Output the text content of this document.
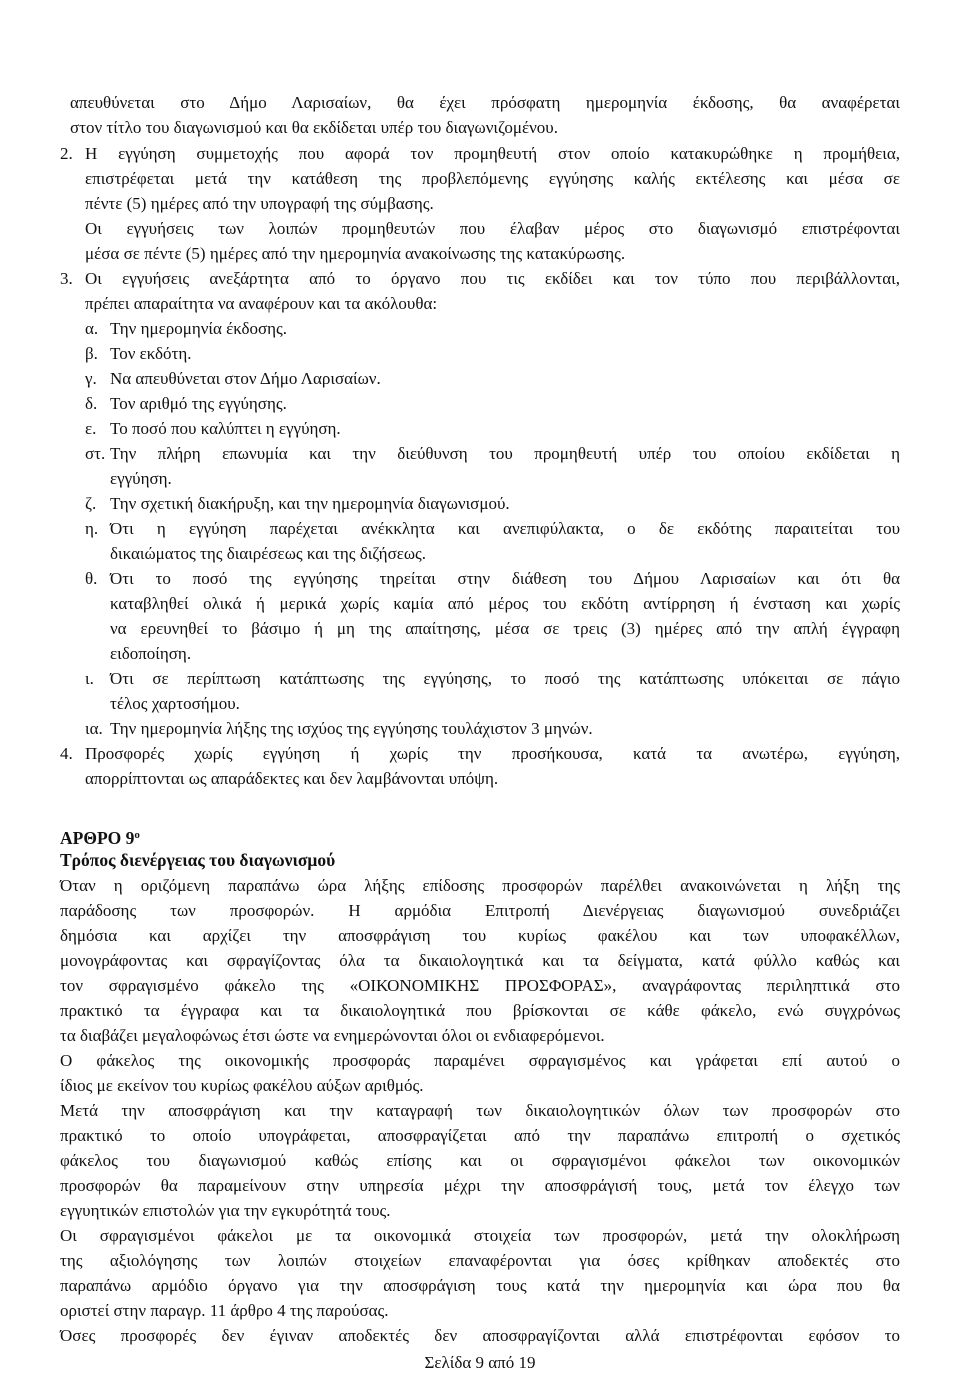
απευθύνεται στο Δήμο Λαρισαίων, θα έχει πρόσφατη ημερομηνία έκδοσης, θα αναφέρεται
στον τίτλο του διαγωνισμού και θα εκδίδεται υπέρ του διαγωνιζομένου.
2. Η εγγύηση συμμετοχής που αφορά τον προμηθευτή στον οποίο κατακυρώθηκε η προμήθεια,
επιστρέφεται μετά την κατάθεση της προβλεπόμενης εγγύησης καλής εκτέλεσης και μέσα σε
πέντε (5) ημέρες από την υπογραφή της σύμβασης.
Οι εγγυήσεις των λοιπών προμηθευτών που έλαβαν μέρος στο διαγωνισμό επιστρέφονται
μέσα σε πέντε (5) ημέρες από την ημερομηνία ανακοίνωσης της κατακύρωσης.
3. Οι εγγυήσεις ανεξάρτητα από το όργανο που τις εκδίδει και τον τύπο που περιβάλλονται,
πρέπει απαραίτητα να αναφέρουν και τα ακόλουθα:
α. Την ημερομηνία έκδοσης.
β. Τον εκδότη.
γ. Να απευθύνεται στον Δήμο Λαρισαίων.
δ. Τον αριθμό της εγγύησης.
ε. Το ποσό που καλύπτει η εγγύηση.
στ. Την πλήρη επωνυμία και την διεύθυνση του προμηθευτή υπέρ του οποίου εκδίδεται η
εγγύηση.
ζ. Την σχετική διακήρυξη, και την ημερομηνία διαγωνισμού.
η. Ότι η εγγύηση παρέχεται ανέκκλητα και ανεπιφύλακτα, ο δε εκδότης παραιτείται του
δικαιώματος της διαιρέσεως και της διζήσεως.
θ. Ότι το ποσό της εγγύησης τηρείται στην διάθεση του Δήμου Λαρισαίων και ότι θα
καταβληθεί ολικά ή μερικά χωρίς καμία από μέρος του εκδότη αντίρρηση ή ένσταση και χωρίς
να ερευνηθεί το βάσιμο ή μη της απαίτησης, μέσα σε τρεις (3) ημέρες από την απλή έγγραφη
ειδοποίηση.
ι. Ότι σε περίπτωση κατάπτωσης της εγγύησης, το ποσό της κατάπτωσης υπόκειται σε πάγιο
τέλος χαρτοσήμου.
ια. Την ημερομηνία λήξης της ισχύος της εγγύησης τουλάχιστον 3 μηνών.
4. Προσφορές χωρίς εγγύηση ή χωρίς την προσήκουσα, κατά τα ανωτέρω, εγγύηση,
απορρίπτονται ως απαράδεκτες και δεν λαμβάνονται υπόψη.
ΑΡΘΡΟ $9^o$
Τρόπος διενέργειας του διαγωνισμού
Όταν η οριζόμενη παραπάνω ώρα λήξης επίδοσης προσφορών παρέλθει ανακοινώνεται η λήξη της
παράδοσης των προσφορών. Η αρμόδια Επιτροπή Διενέργειας διαγωνισμού συνεδριάζει
δημόσια και αρχίζει την αποσφράγιση του κυρίως φακέλου και των υποφακέλλων,
μονογράφοντας και σφραγίζοντας όλα τα δικαιολογητικά και τα δείγματα, κατά φύλλο καθώς και
τον σφραγισμένο φάκελο της «ΟΙΚΟΝΟΜΙΚΗΣ ΠΡΟΣΦΟΡΑΣ», αναγράφοντας περιληπτικά στο
πρακτικό τα έγγραφα και τα δικαιολογητικά που βρίσκονται σε κάθε φάκελο, ενώ συγχρόνως
τα διαβάζει μεγαλοφώνως έτσι ώστε να ενημερώνονται όλοι οι ενδιαφερόμενοι.
Ο φάκελος της οικονομικής προσφοράς παραμένει σφραγισμένος και γράφεται επί αυτού ο
ίδιος με εκείνον του κυρίως φακέλου αύξων αριθμός.
Μετά την αποσφράγιση και την καταγραφή των δικαιολογητικών όλων των προσφορών στο
πρακτικό το οποίο υπογράφεται, αποσφραγίζεται από την παραπάνω επιτροπή ο σχετικός
φάκελος του διαγωνισμού καθώς επίσης και οι σφραγισμένοι φάκελοι των οικονομικών
προσφορών θα παραμείνουν στην υπηρεσία μέχρι την αποσφράγισή τους, μετά τον έλεγχο των
εγγυητικών επιστολών για την εγκυρότητά τους.
Οι σφραγισμένοι φάκελοι με τα οικονομικά στοιχεία των προσφορών, μετά την ολοκλήρωση
της αξιολόγησης των λοιπών στοιχείων επαναφέρονται για όσες κρίθηκαν αποδεκτές στο
παραπάνω αρμόδιο όργανο για την αποσφράγιση τους κατά την ημερομηνία και ώρα που θα
οριστεί στην παραγρ. 11 άρθρο 4 της παρούσας.
Όσες προσφορές δεν έγιναν αποδεκτές δεν αποσφραγίζονται αλλά επιστρέφονται εφόσον το
Σελίδα 9 από 19
